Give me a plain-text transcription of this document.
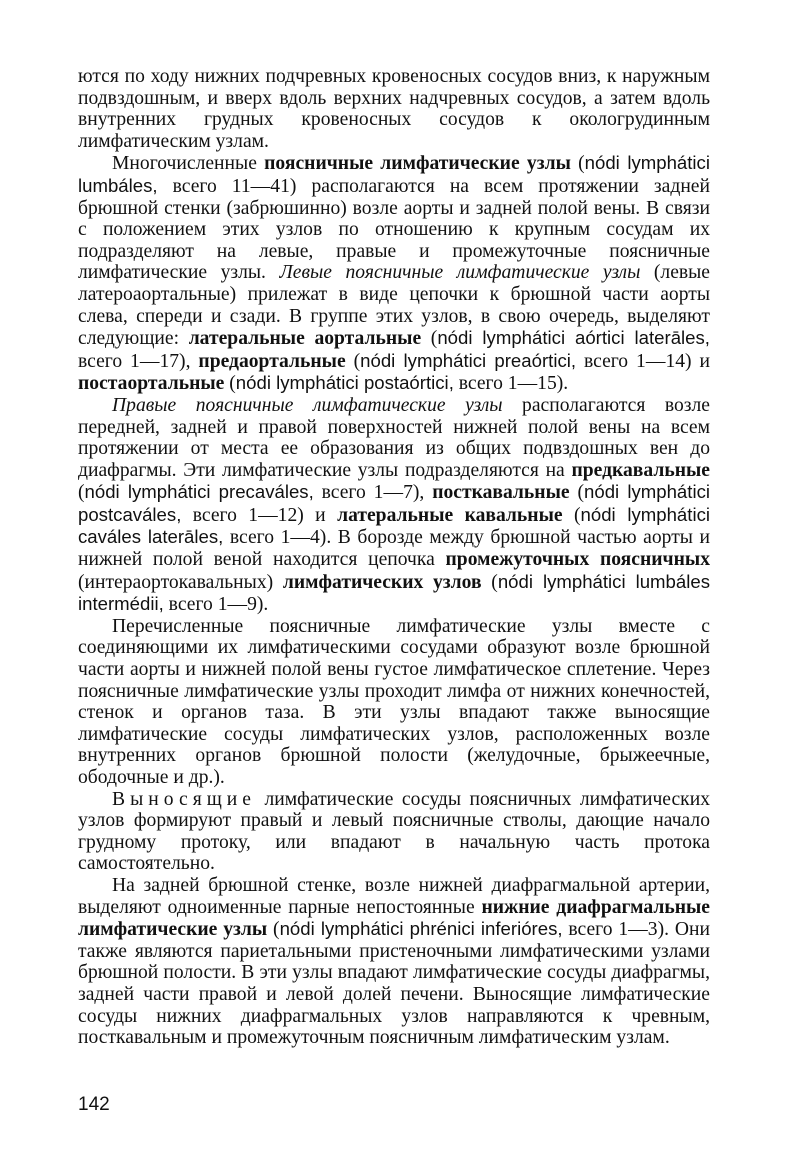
ются по ходу нижних подчревных кровеносных сосудов вниз, к наружным подвздошным, и вверх вдоль верхних надчревных сосудов, а затем вдоль внутренних грудных кровеносных сосудов к окологрудинным лимфатическим узлам.

Многочисленные поясничные лимфатические узлы (nódi lymphátici lumbáles, всего 11—41) располагаются на всем протяжении задней брюшной стенки (забрюшинно) возле аорты и задней полой вены. В связи с положением этих узлов по отношению к крупным сосудам их подразделяют на левые, правые и промежуточные поясничные лимфатические узлы. Левые поясничные лимфатические узлы (левые латероаортальные) прилежат в виде цепочки к брюшной части аорты слева, спереди и сзади. В группе этих узлов, в свою очередь, выделяют следующие: латеральные аортальные (nódi lymphátici aórtici laterāles, всего 1—17), предаортальные (nódi lymphátici preaórtici, всего 1—14) и постаортальные (nódi lymphátici postaórtici, всего 1—15).

Правые поясничные лимфатические узлы располагаются возле передней, задней и правой поверхностей нижней полой вены на всем протяжении от места ее образования из общих подвздошных вен до диафрагмы. Эти лимфатические узлы подразделяются на предкавальные (nódi lymphátici precaváles, всего 1—7), посткавальные (nódi lymphátici postcaváles, всего 1—12) и латеральные кавальные (nódi lymphátici caváles laterāles, всего 1—4). В борозде между брюшной частью аорты и нижней полой веной находится цепочка промежуточных поясничных (интераортокавальных) лимфатических узлов (nódi lymphátici lumbáles intermédii, всего 1—9).

Перечисленные поясничные лимфатические узлы вместе с соединяющими их лимфатическими сосудами образуют возле брюшной части аорты и нижней полой вены густое лимфатическое сплетение. Через поясничные лимфатические узлы проходит лимфа от нижних конечностей, стенок и органов таза. В эти узлы впадают также выносящие лимфатические сосуды лимфатических узлов, расположенных возле внутренних органов брюшной полости (желудочные, брыжеечные, ободочные и др.).

Выносящие лимфатические сосуды поясничных лимфатических узлов формируют правый и левый поясничные стволы, дающие начало грудному протоку, или впадают в начальную часть протока самостоятельно.

На задней брюшной стенке, возле нижней диафрагмальной артерии, выделяют одноименные парные непостоянные нижние диафрагмальные лимфатические узлы (nódi lymphátici phrénici inferióres, всего 1—3). Они также являются париетальными пристеночными лимфатическими узлами брюшной полости. В эти узлы впадают лимфатические сосуды диафрагмы, задней части правой и левой долей печени. Выносящие лимфатические сосуды нижних диафрагмальных узлов направляются к чревным, посткавальным и промежуточным поясничным лимфатическим узлам.

142
